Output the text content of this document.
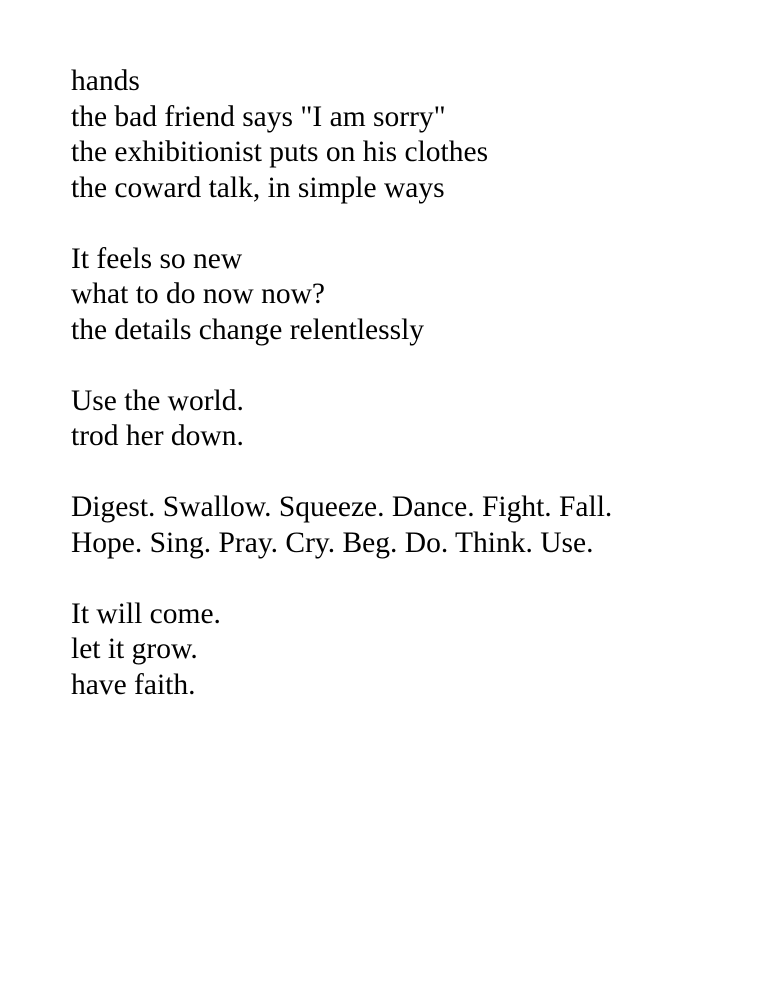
hands
the bad friend says "I am sorry"
the exhibitionist puts on his clothes
the coward talk, in simple ways
It feels so new
what to do now now?
the details change relentlessly
Use the world.
trod her down.
Digest. Swallow. Squeeze. Dance. Fight. Fall.
Hope. Sing. Pray. Cry. Beg. Do. Think. Use.
It will come.
let it grow.
have faith.
